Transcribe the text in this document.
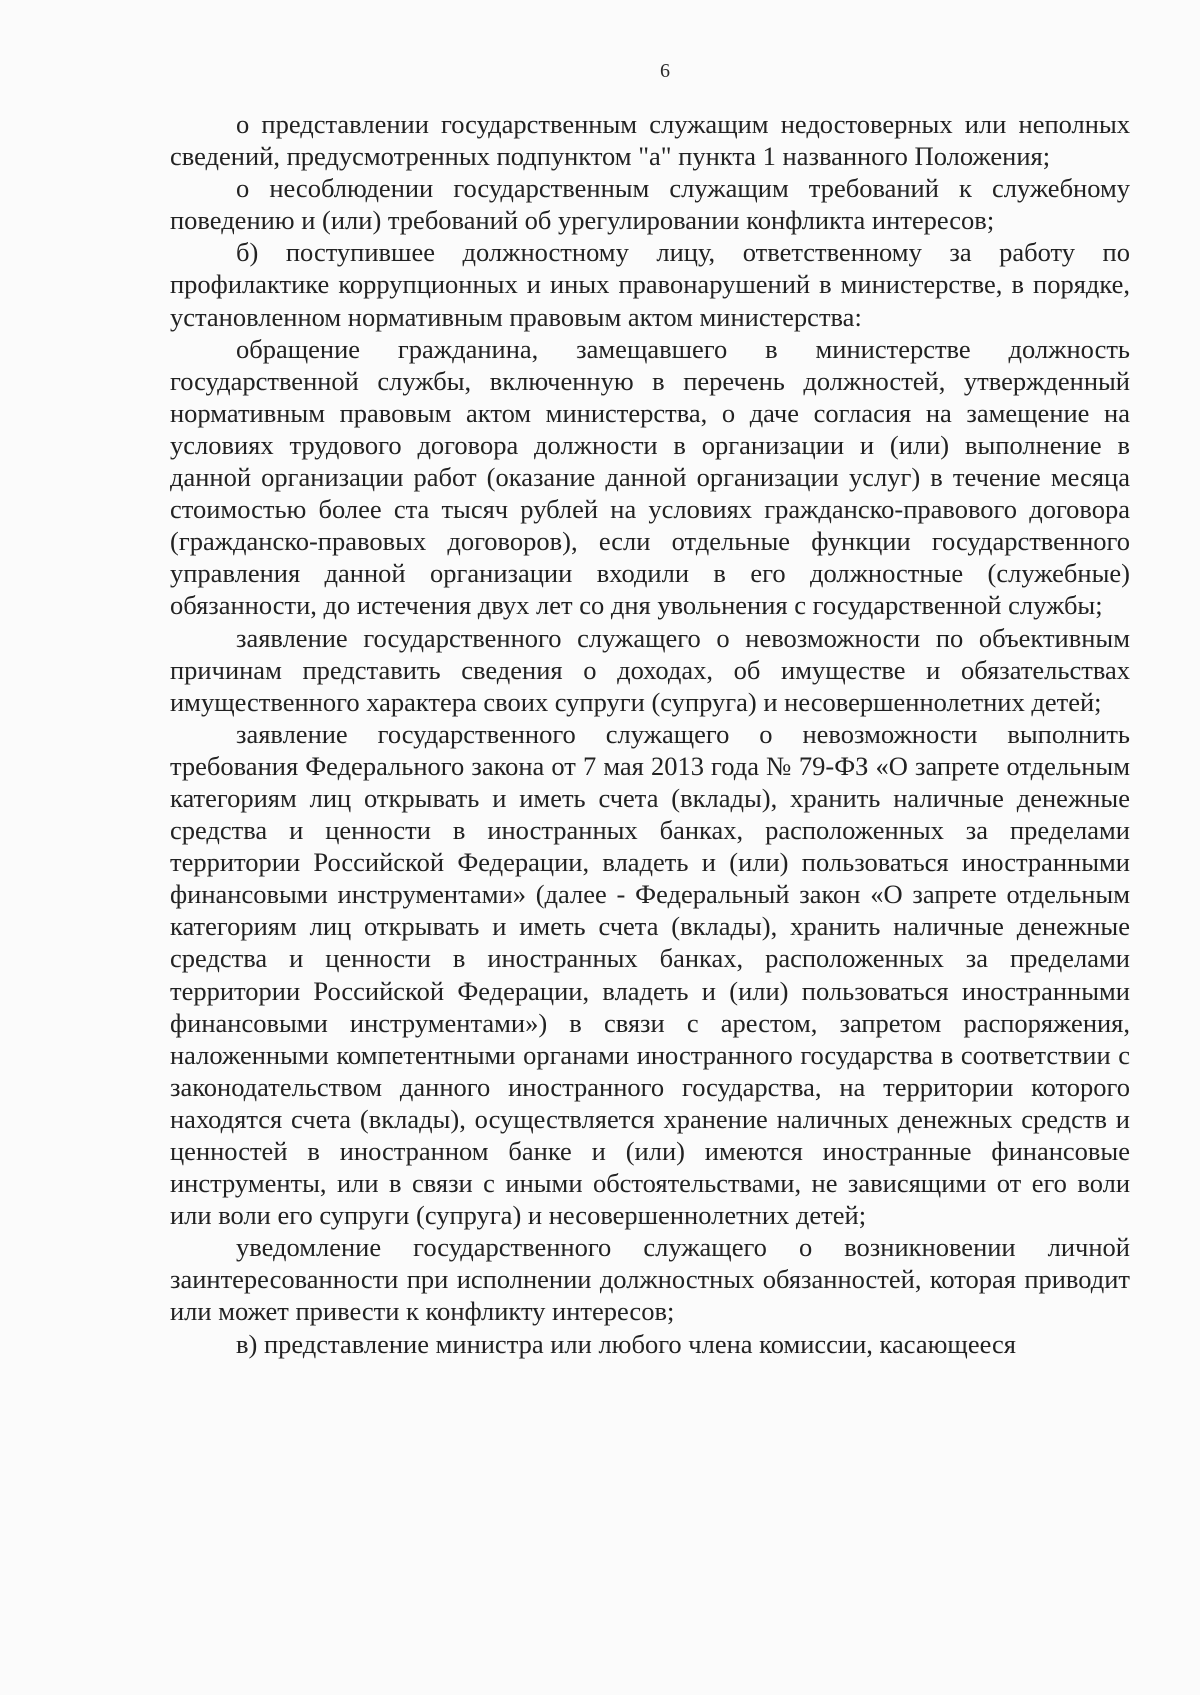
6

о представлении государственным служащим недостоверных или неполных сведений, предусмотренных подпунктом "а" пункта 1 названного Положения;

о несоблюдении государственным служащим требований к служебному поведению и (или) требований об урегулировании конфликта интересов;

б) поступившее должностному лицу, ответственному за работу по профилактике коррупционных и иных правонарушений в министерстве, в порядке, установленном нормативным правовым актом министерства:

обращение гражданина, замещавшего в министерстве должность государственной службы, включенную в перечень должностей, утвержденный нормативным правовым актом министерства, о даче согласия на замещение на условиях трудового договора должности в организации и (или) выполнение в данной организации работ (оказание данной организации услуг) в течение месяца стоимостью более ста тысяч рублей на условиях гражданско-правового договора (гражданско-правовых договоров), если отдельные функции государственного управления данной организации входили в его должностные (служебные) обязанности, до истечения двух лет со дня увольнения с государственной службы;

заявление государственного служащего о невозможности по объективным причинам представить сведения о доходах, об имуществе и обязательствах имущественного характера своих супруги (супруга) и несовершеннолетних детей;

заявление государственного служащего о невозможности выполнить требования Федерального закона от 7 мая 2013 года № 79-ФЗ «О запрете отдельным категориям лиц открывать и иметь счета (вклады), хранить наличные денежные средства и ценности в иностранных банках, расположенных за пределами территории Российской Федерации, владеть и (или) пользоваться иностранными финансовыми инструментами» (далее - Федеральный закон «О запрете отдельным категориям лиц открывать и иметь счета (вклады), хранить наличные денежные средства и ценности в иностранных банках, расположенных за пределами территории Российской Федерации, владеть и (или) пользоваться иностранными финансовыми инструментами») в связи с арестом, запретом распоряжения, наложенными компетентными органами иностранного государства в соответствии с законодательством данного иностранного государства, на территории которого находятся счета (вклады), осуществляется хранение наличных денежных средств и ценностей в иностранном банке и (или) имеются иностранные финансовые инструменты, или в связи с иными обстоятельствами, не зависящими от его воли или воли его супруги (супруга) и несовершеннолетних детей;

уведомление государственного служащего о возникновении личной заинтересованности при исполнении должностных обязанностей, которая приводит или может привести к конфликту интересов;

в) представление министра или любого члена комиссии, касающееся
